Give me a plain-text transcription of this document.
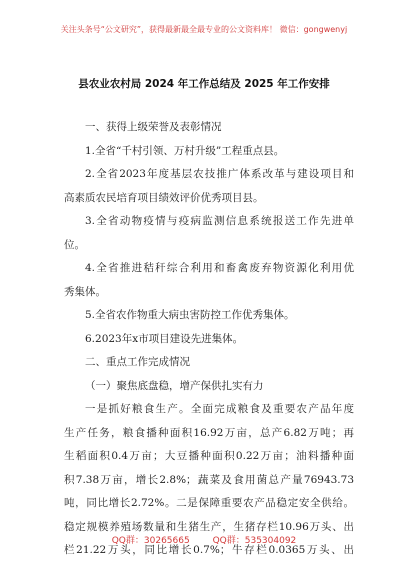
关注头条号“公文研究”，获得最新最全最专业的公文资料库！ 微信：gongwenyj
县农业农村局 2024 年工作总结及 2025 年工作安排
一、获得上级荣誉及表彰情况
1.全省“千村引领、万村升级”工程重点县。
2.全省2023年度基层农技推广体系改革与建设项目和
高素质农民培育项目绩效评价优秀项目县。
3.全省动物疫情与疫病监测信息系统报送工作先进单
位。
4.全省推进秸秆综合利用和畜禽废弃物资源化利用优
秀集体。
5.全省农作物重大病虫害防控工作优秀集体。
6.2023年x市项目建设先进集体。
二、重点工作完成情况
（一）聚焦底盘稳，增产保供扎实有力
一是抓好粮食生产。全面完成粮食及重要农产品年度
生产任务，粮食播种面积16.92万亩，总产6.82万吨；再
生稻面积0.4万亩；大豆播种面积0.22万亩；油料播种面
积7.38万亩，增长2.8%；蔬菜及食用菌总产量76943.73
吨，同比增长2.72%。二是保障重要农产品稳定安全供给。
稳定规模养殖场数量和生猪生产，生猪存栏10.96万头、出
栏21.22万头，同比增长0.7%；牛存栏0.0365万头、出
QQ群：30265665	QQ群：535304092
